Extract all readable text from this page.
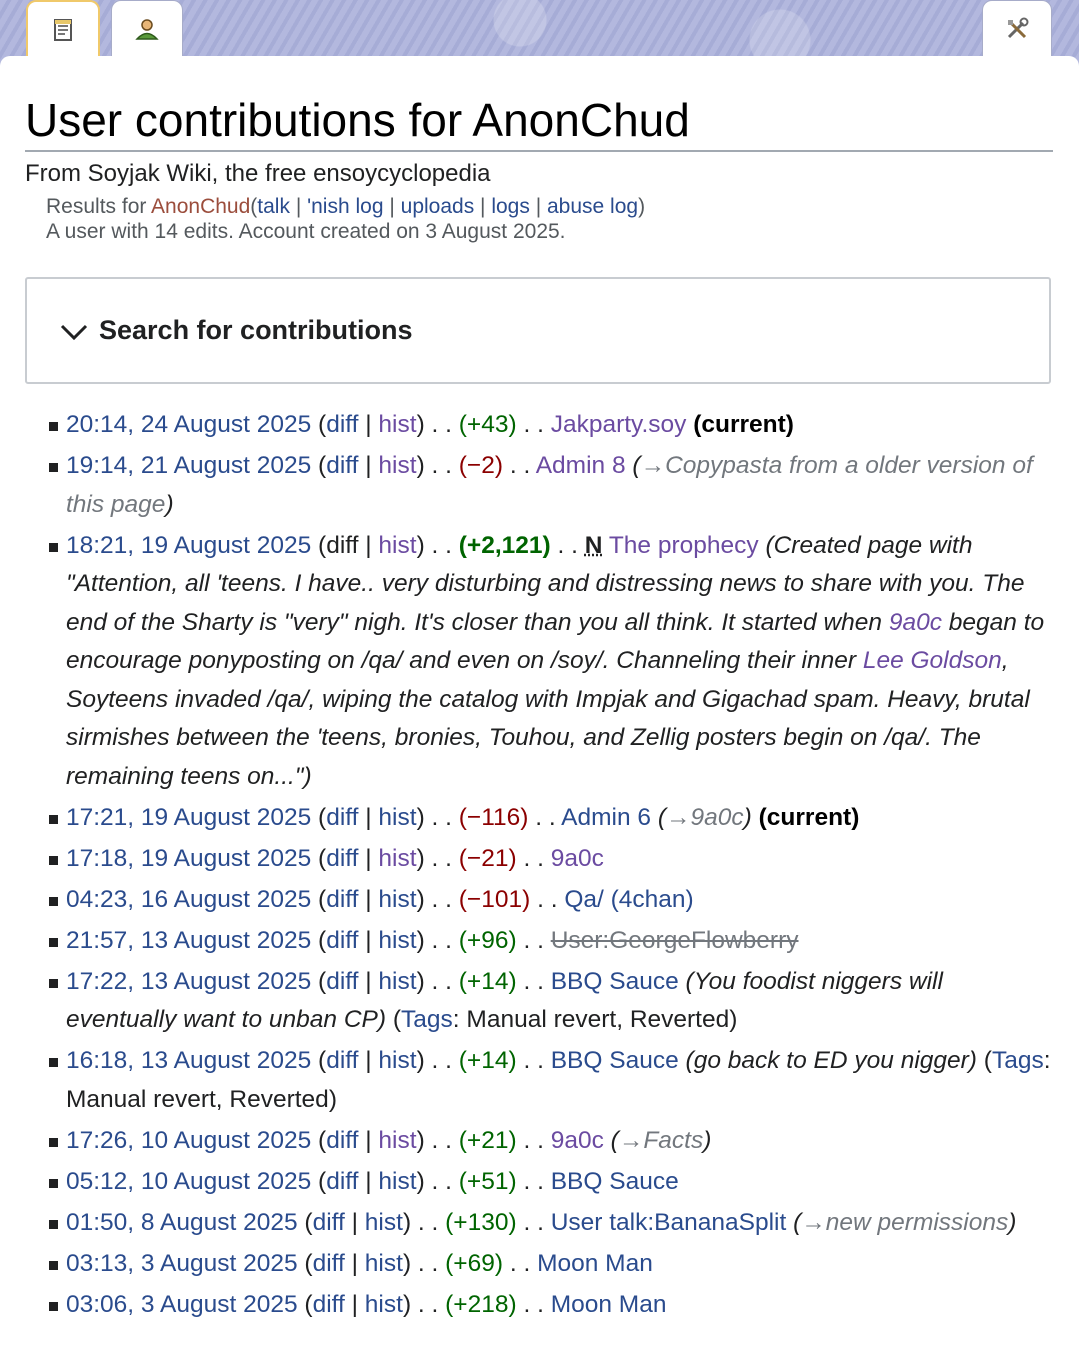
User contributions for AnonChud
From Soyjak Wiki, the free ensoycyclopedia
Results for AnonChud(talk | 'nish log | uploads | logs | abuse log)
A user with 14 edits. Account created on 3 August 2025.
Search for contributions
20:14, 24 August 2025 (diff | hist) . . (+43) . . Jakparty.soy (current)
19:14, 21 August 2025 (diff | hist) . . (−2) . . Admin 8 (→Copypasta from a older version of this page)
18:21, 19 August 2025 (diff | hist) . . (+2,121) . . N The prophecy (Created page with "Attention, all 'teens. I have.. very disturbing and distressing news to share with you. The end of the Sharty is "very" nigh. It's closer than you all think. It started when 9a0c began to encourage ponyposting on /qa/ and even on /soy/. Channeling their inner Lee Goldson, Soyteens invaded /qa/, wiping the catalog with Impjak and Gigachad spam. Heavy, brutal sirmishes between the 'teens, bronies, Touhou, and Zellig posters begin on /qa/. The remaining teens on...")
17:21, 19 August 2025 (diff | hist) . . (−116) . . Admin 6 (→9a0c) (current)
17:18, 19 August 2025 (diff | hist) . . (−21) . . 9a0c
04:23, 16 August 2025 (diff | hist) . . (−101) . . Qa/ (4chan)
21:57, 13 August 2025 (diff | hist) . . (+96) . . User:GeorgeFlowberry
17:22, 13 August 2025 (diff | hist) . . (+14) . . BBQ Sauce (You foodist niggers will eventually want to unban CP) (Tags: Manual revert, Reverted)
16:18, 13 August 2025 (diff | hist) . . (+14) . . BBQ Sauce (go back to ED you nigger) (Tags: Manual revert, Reverted)
17:26, 10 August 2025 (diff | hist) . . (+21) . . 9a0c (→Facts)
05:12, 10 August 2025 (diff | hist) . . (+51) . . BBQ Sauce
01:50, 8 August 2025 (diff | hist) . . (+130) . . User talk:BananaSplit (→new permissions)
03:13, 3 August 2025 (diff | hist) . . (+69) . . Moon Man
03:06, 3 August 2025 (diff | hist) . . (+218) . . Moon Man
